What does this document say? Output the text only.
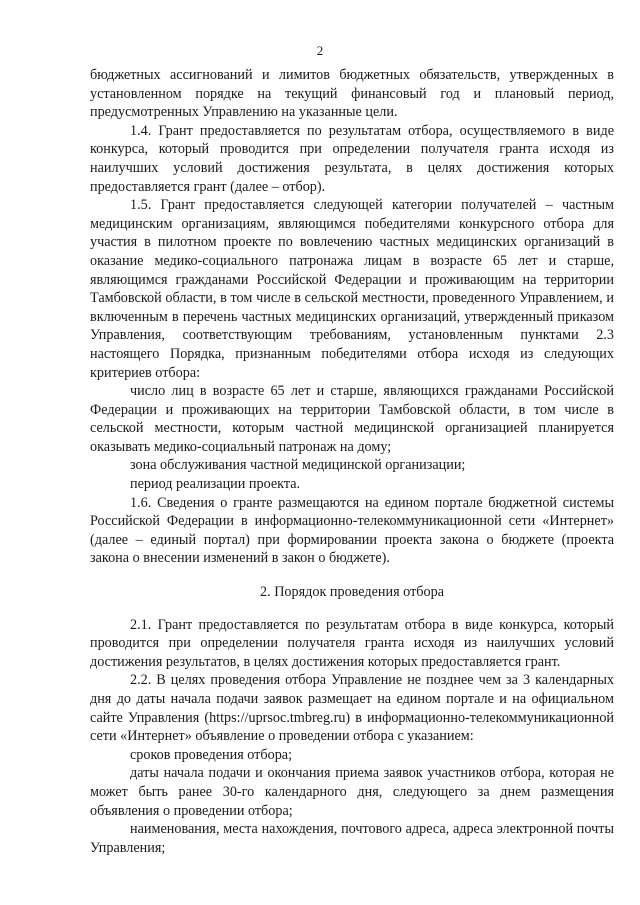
2

бюджетных ассигнований и лимитов бюджетных обязательств, утвержденных в установленном порядке на текущий финансовый год и плановый период, предусмотренных Управлению на указанные цели.

1.4. Грант предоставляется по результатам отбора, осуществляемого в виде конкурса, который проводится при определении получателя гранта исходя из наилучших условий достижения результата, в целях достижения которых предоставляется грант (далее – отбор).

1.5. Грант предоставляется следующей категории получателей – частным медицинским организациям, являющимся победителями конкурсного отбора для участия в пилотном проекте по вовлечению частных медицинских организаций в оказание медико-социального патронажа лицам в возрасте 65 лет и старше, являющимся гражданами Российской Федерации и проживающим на территории Тамбовской области, в том числе в сельской местности, проведенного Управлением, и включенным в перечень частных медицинских организаций, утвержденный приказом Управления, соответствующим требованиям, установленным пунктами 2.3 настоящего Порядка, признанным победителями отбора исходя из следующих критериев отбора:

число лиц в возрасте 65 лет и старше, являющихся гражданами Российской Федерации и проживающих на территории Тамбовской области, в том числе в сельской местности, которым частной медицинской организацией планируется оказывать медико-социальный патронаж на дому;

зона обслуживания частной медицинской организации;

период реализации проекта.

1.6. Сведения о гранте размещаются на едином портале бюджетной системы Российской Федерации в информационно-телекоммуникационной сети «Интернет» (далее – единый портал) при формировании проекта закона о бюджете (проекта закона о внесении изменений в закон о бюджете).

2. Порядок проведения отбора

2.1. Грант предоставляется по результатам отбора в виде конкурса, который проводится при определении получателя гранта исходя из наилучших условий достижения результатов, в целях достижения которых предоставляется грант.

2.2. В целях проведения отбора Управление не позднее чем за 3 календарных дня до даты начала подачи заявок размещает на едином портале и на официальном сайте Управления (https://uprsoc.tmbreg.ru) в информационно-телекоммуникационной сети «Интернет» объявление о проведении отбора с указанием:

сроков проведения отбора;

даты начала подачи и окончания приема заявок участников отбора, которая не может быть ранее 30-го календарного дня, следующего за днем размещения объявления о проведении отбора;

наименования, места нахождения, почтового адреса, адреса электронной почты Управления;
